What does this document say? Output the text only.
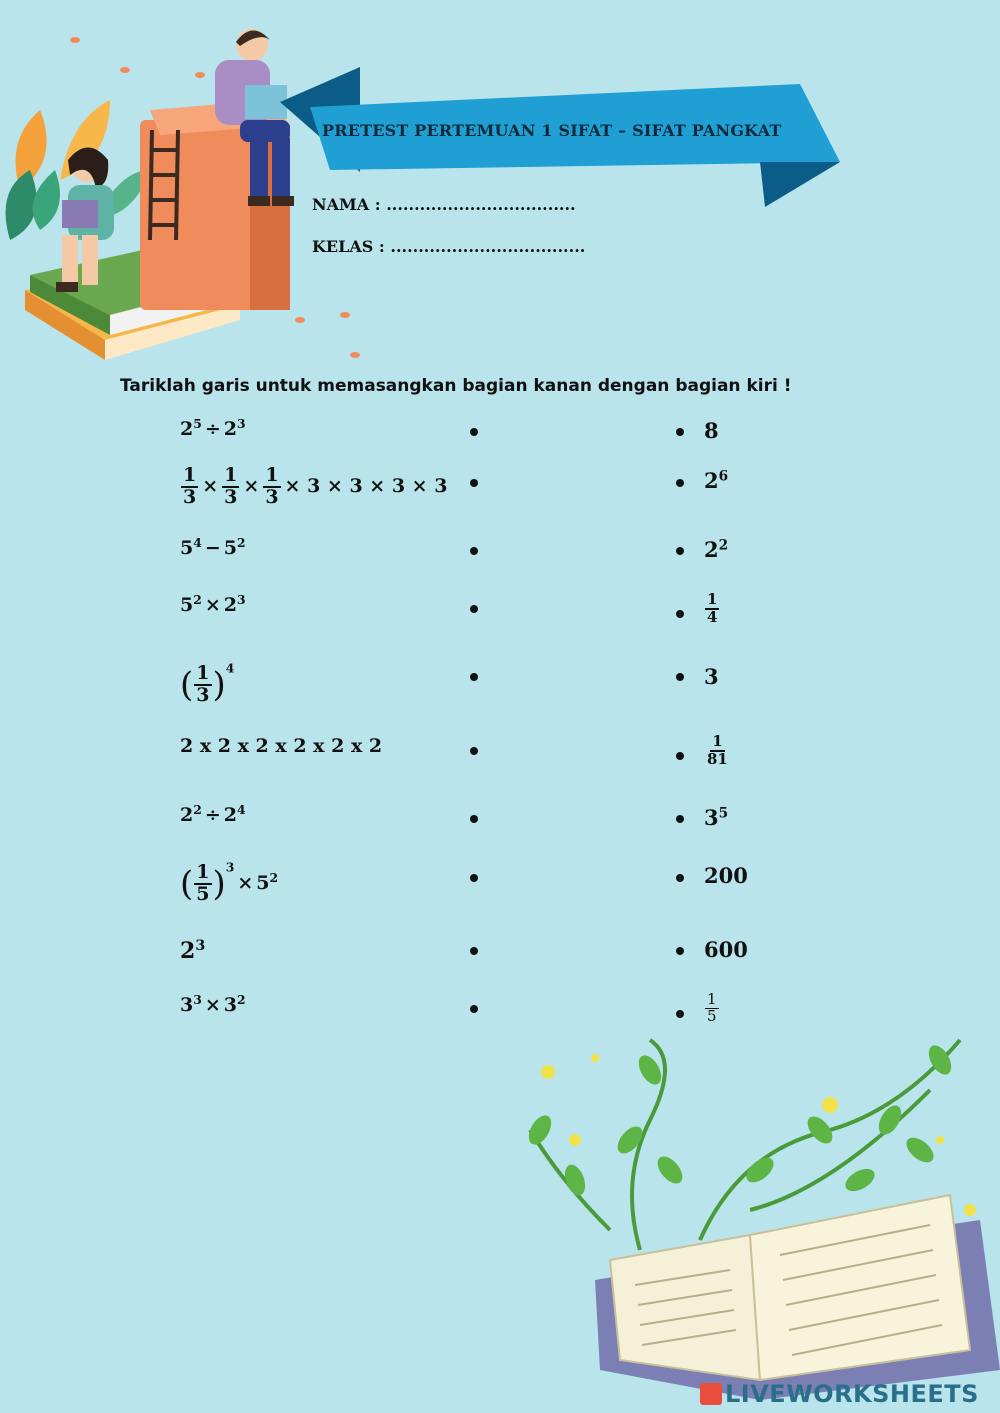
PRETEST PERTEMUAN 1 SIFAT – SIFAT PANGKAT
NAMA : ..................................
KELAS : ...................................
Tariklah garis untuk memasangkan bagian kanan dengan bagian kiri !
$2^5 \div 2^3$	8
$\frac{1}{3} \times \frac{1}{3} \times \frac{1}{3} \times 3 \times 3 \times 3 \times 3$	$2^6$
$5^4 - 5^2$	$2^2$
$5^2 \times 2^3$	$\frac{1}{4}$
( $\frac{1}{3} )^4$	3
2 x 2 x 2 x 2 x 2 x 2	$\frac{1}{81}$
$2^2 \div 2^4$	$3^5$
( $\frac{1}{5} )^3\times 5^2$	200
$2^3$	600
$3^3 \times 3^2$	$\frac{1}{5}$
LIVEWORKSHEETS
